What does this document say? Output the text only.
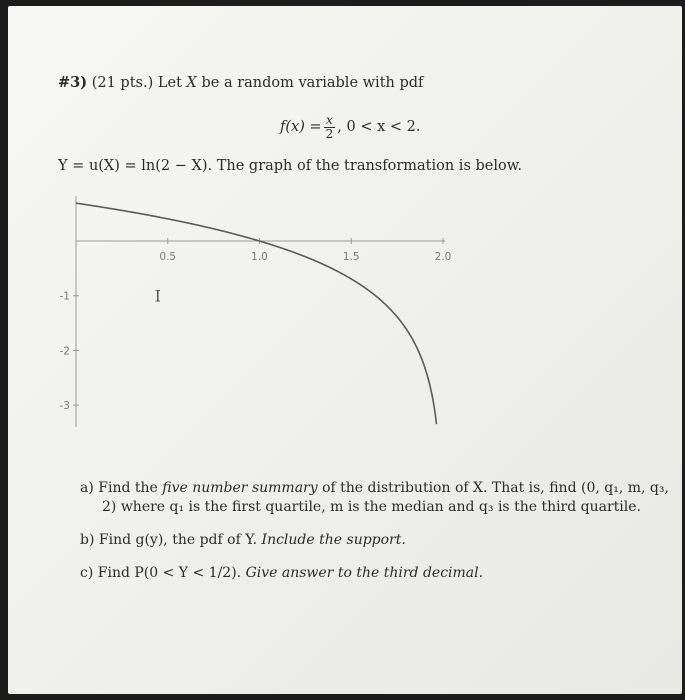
#3) (21 pts.) Let X be a random variable with pdf
$f(x) = \frac{x}{2}$ , 0 < x < 2.
Y = u(X) = ln(2 − X). The graph of the transformation is below.
0.5	1.0	1.5	2.0
-1
-2
-3
I
a) Find the five number summary of the distribution of X. That is, find (0, q₁, m, q₃, 2) where q₁ is the first quartile, m is the median and q₃ is the third quartile.
b) Find g(y), the pdf of Y. Include the support.
c) Find P(0 < Y < 1/2). Give answer to the third decimal.
